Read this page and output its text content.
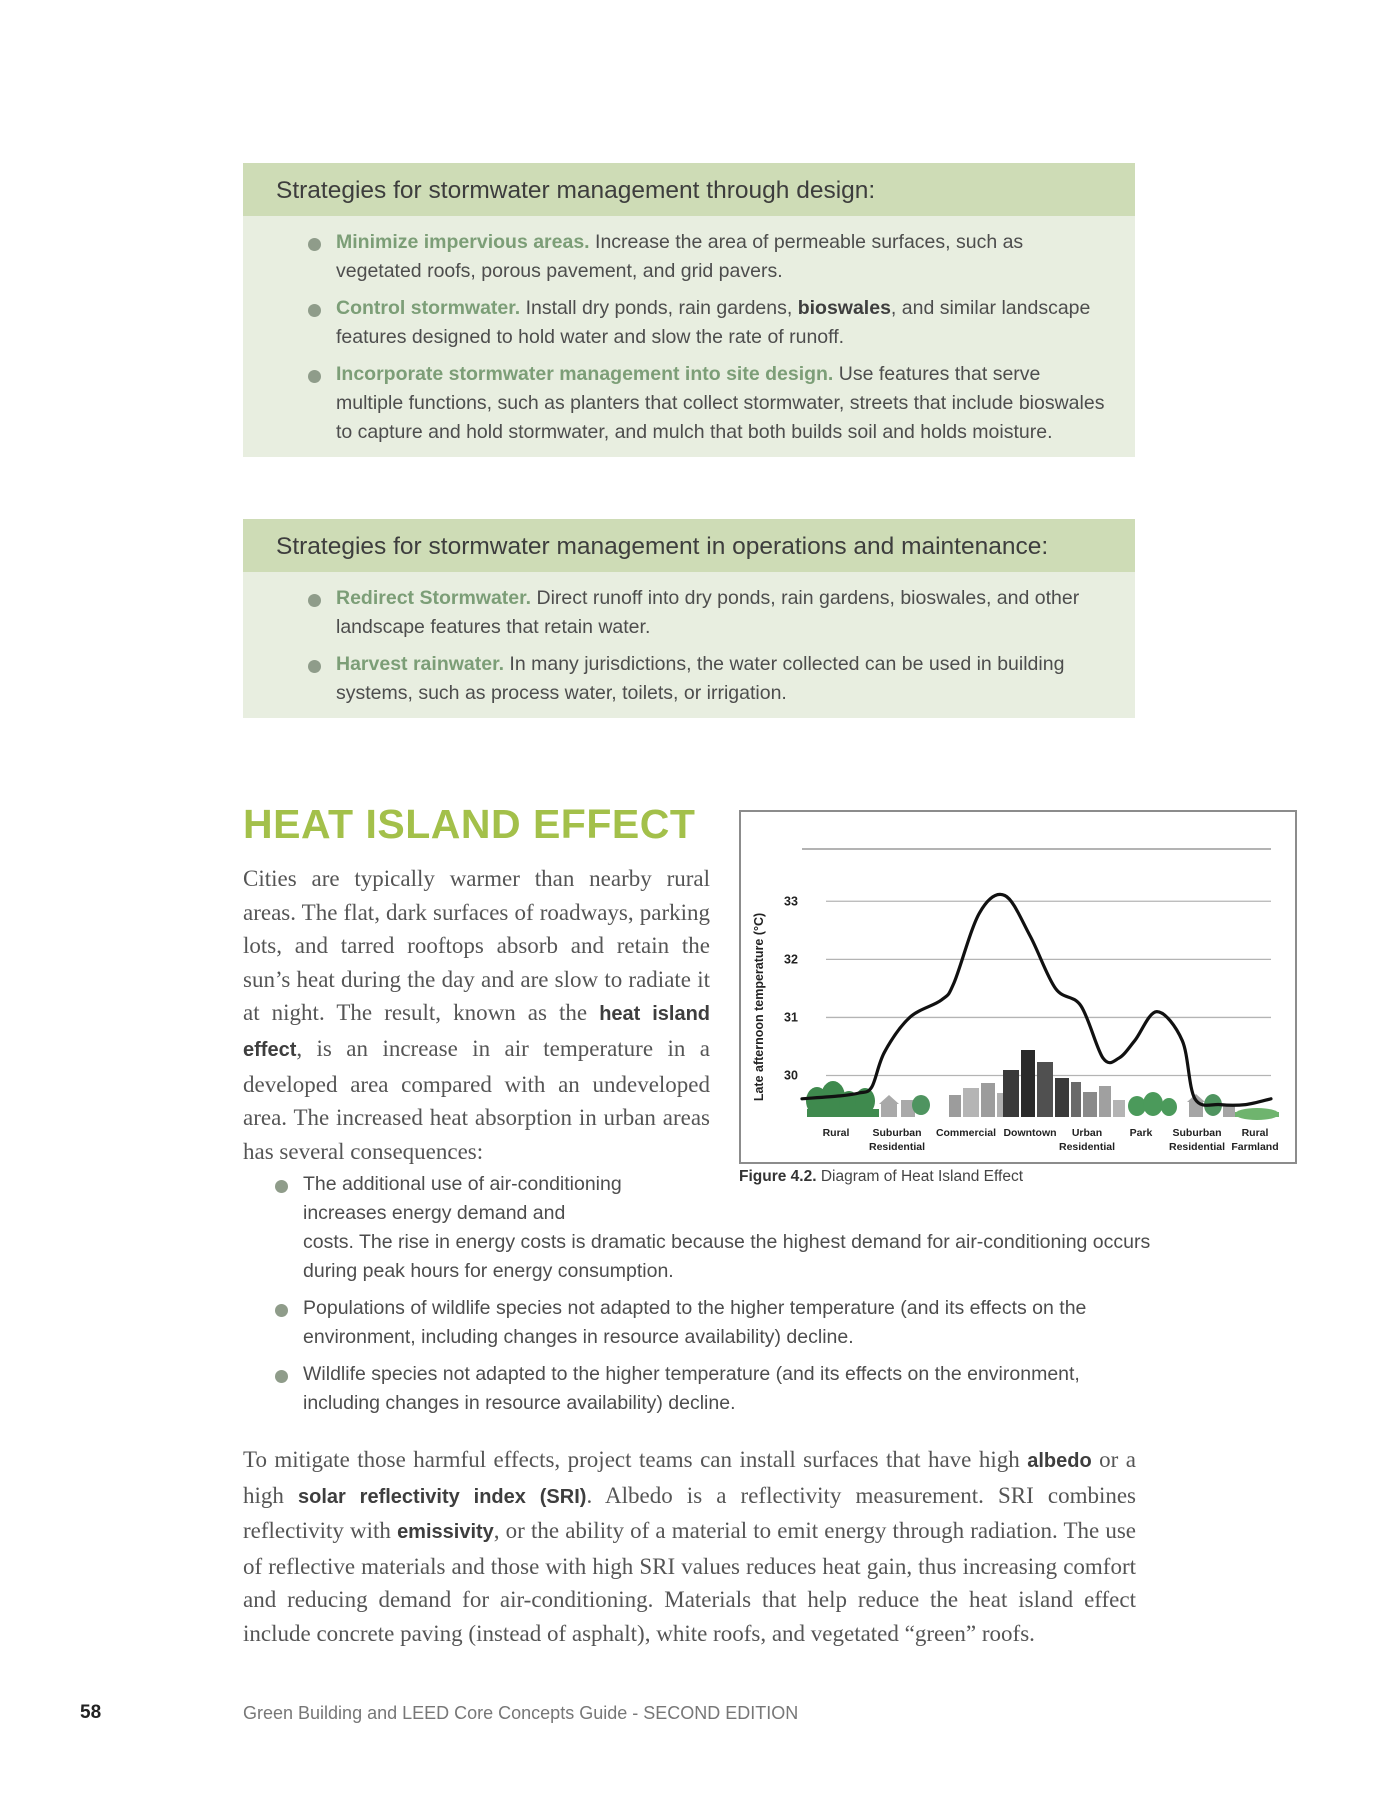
Strategies for stormwater management through design:
Minimize impervious areas. Increase the area of permeable surfaces, such as vegetated roofs, porous pavement, and grid pavers.
Control stormwater. Install dry ponds, rain gardens, bioswales, and similar landscape features designed to hold water and slow the rate of runoff.
Incorporate stormwater management into site design. Use features that serve multiple functions, such as planters that collect stormwater, streets that include bioswales to capture and hold stormwater, and mulch that both builds soil and holds moisture.
Strategies for stormwater management in operations and maintenance:
Redirect Stormwater. Direct runoff into dry ponds, rain gardens, bioswales, and other landscape features that retain water.
Harvest rainwater. In many jurisdictions, the water collected can be used in building systems, such as process water, toilets, or irrigation.
HEAT ISLAND EFFECT

Cities are typically warmer than nearby rural areas. The flat, dark surfaces of roadways, parking lots, and tarred rooftops absorb and retain the sun’s heat during the day and are slow to radiate it at night. The result, known as the heat island effect, is an increase in air temperature in a developed area compared with an undeveloped area. The increased heat absorption in urban areas has several consequences:

30
31
32
33
Late afternoon temperature (°C)
Rural Suburban
Residential
Commercial Downtown Urban
Residential
Park Suburban
Residential
Rural
Farmland
Figure 4.2. Diagram of Heat Island Effect
The additional use of air-conditioning increases energy demand and
costs. The rise in energy costs is dramatic because the highest demand for air-conditioning occurs during peak hours for energy consumption.
Populations of wildlife species not adapted to the higher temperature (and its effects on the environment, including changes in resource availability) decline.
Wildlife species not adapted to the higher temperature (and its effects on the environment, including changes in resource availability) decline.

To mitigate those harmful effects, project teams can install surfaces that have high albedo or a high solar reflectivity index (SRI). Albedo is a reflectivity measurement. SRI combines reflectivity with emissivity, or the ability of a material to emit energy through radiation. The use of reflective materials and those with high SRI values reduces heat gain, thus increasing comfort and reducing demand for air-conditioning. Materials that help reduce the heat island effect include concrete paving (instead of asphalt), white roofs, and vegetated “green” roofs.

58	Green Building and LEED Core Concepts Guide - SECOND EDITION
